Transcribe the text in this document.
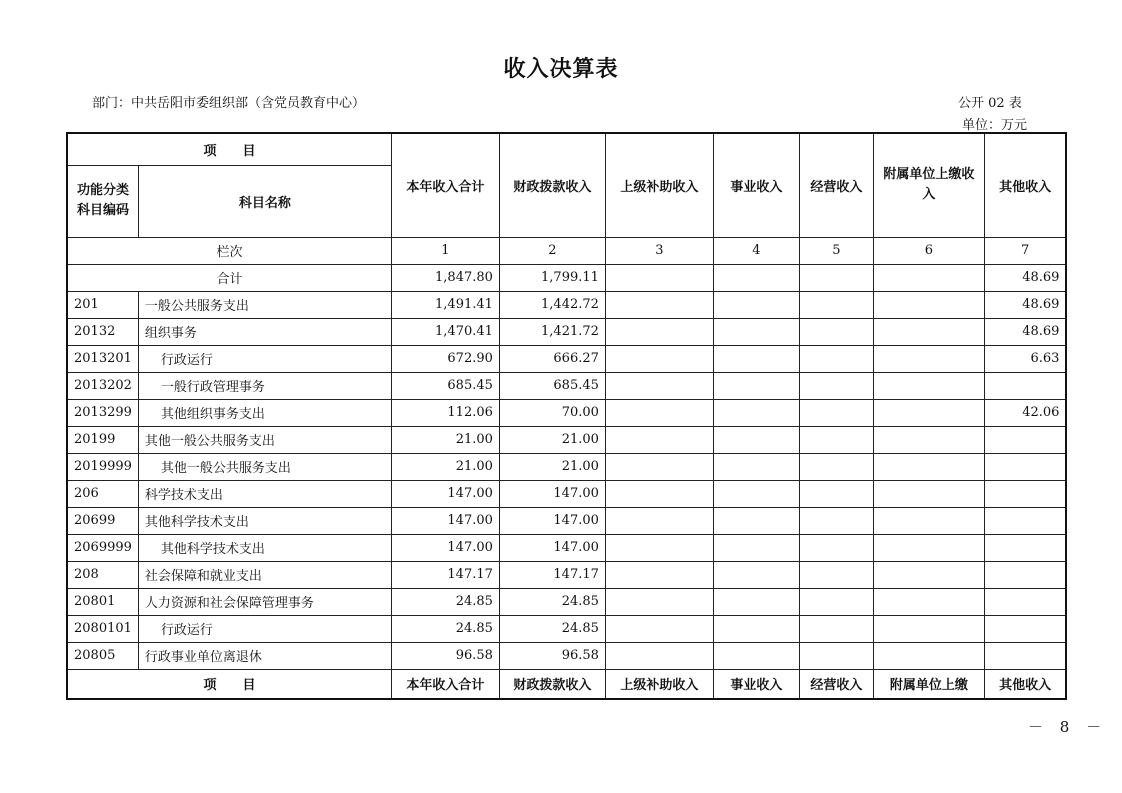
收入决算表
部门：中共岳阳市委组织部（含党员教育中心）	公开 02 表
单位：万元
项　　目		本年收入合计	财政拨款收入	上级补助收入	事业收入	经营收入	附属单位上缴收入	其他收入
功能分类科目编码	科目名称							
栏次		1	2	3	4	5	6	7
合计		1,847.80	1,799.11					48.69
201	一般公共服务支出	1,491.41	1,442.72					48.69
20132	组织事务	1,470.41	1,421.72					48.69
2013201	行政运行	672.90	666.27					6.63
2013202	一般行政管理事务	685.45	685.45					
2013299	其他组织事务支出	112.06	70.00					42.06
20199	其他一般公共服务支出	21.00	21.00					
2019999	其他一般公共服务支出	21.00	21.00					
206	科学技术支出	147.00	147.00					
20699	其他科学技术支出	147.00	147.00					
2069999	其他科学技术支出	147.00	147.00					
208	社会保障和就业支出	147.17	147.17					
20801	人力资源和社会保障管理事务	24.85	24.85					
2080101	行政运行	24.85	24.85					
20805	行政事业单位离退休	96.58	96.58					
项　　目		本年收入合计	财政拨款收入	上级补助收入	事业收入	经营收入	附属单位上缴	其他收入
－ 8 －
